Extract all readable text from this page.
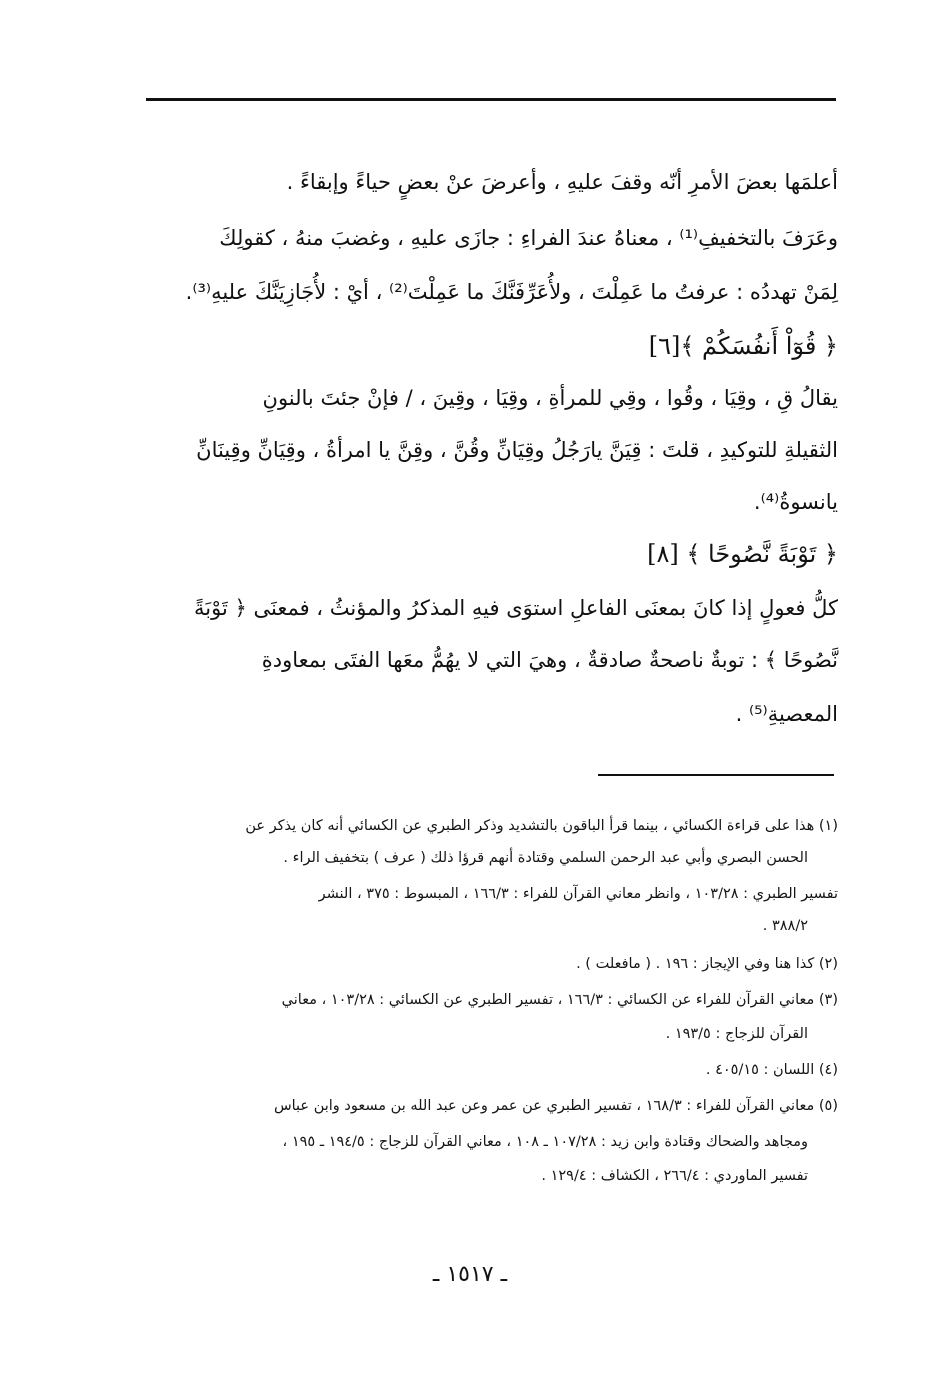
أعلمَها بعضَ الأمرِ أنّه وقفَ عليهِ ، وأعرضَ عنْ بعضٍ حياءً وإبقاءً .
وعَرَفَ بالتخفيفِ⁽¹⁾ ، معناهُ عندَ الفراءِ : جازَى عليهِ ، وغضبَ منهُ ، كقولِكَ
لِمَنْ تهددُه : عرفتُ ما عَمِلْتَ ، ولأُعَرِّفَنَّكَ ما عَمِلْتَ⁽²⁾ ، أيْ : لأُجَازِيَنَّكَ عليهِ⁽³⁾.
﴿ قُوٓاْ أَنفُسَكُمْ ﴾[٦]
يقالُ قِ ، وقِيَا ، وقُوا ، وقِي للمرأةِ ، وقِيَا ، وقِينَ ، / فإنْ جئتَ بالنونِ
الثقيلةِ للتوكيدِ ، قلتَ : قِيَنَّ يارَجُلُ وقِيَانِّ وقُنَّ ، وقِنَّ يا امرأةُ ، وقِيَانِّ وقِينَانِّ
يانسوةُ⁽⁴⁾.
﴿ تَوْبَةً نَّصُوحًا ﴾ [٨]
كلُّ فعولٍ إذا كانَ بمعنَى الفاعلِ استوَى فيهِ المذكرُ والمؤنثُ ، فمعنَى ﴿ تَوْبَةً
نَّصُوحًا ﴾ : توبةٌ ناصحةٌ صادقةٌ ، وهيَ التي لا يهُمُّ معَها الفتَى بمعاودةِ
المعصيةِ⁽⁵⁾ .
(١) هذا على قراءة الكسائي ، بينما قرأ الباقون بالتشديد وذكر الطبري عن الكسائي أنه كان يذكر عن
الحسن البصري وأبي عبد الرحمن السلمي وقتادة أنهم قرؤا ذلك ( عرف ) بتخفيف الراء .
تفسير الطبري : ١٠٣/٢٨ ، وانظر معاني القرآن للفراء : ١٦٦/٣ ، المبسوط : ٣٧٥ ، النشر
٣٨٨/٢ .
(٢) كذا هنا وفي الإيجاز : ١٩٦ . ( مافعلت ) .
(٣) معاني القرآن للفراء عن الكسائي : ١٦٦/٣ ، تفسير الطبري عن الكسائي : ١٠٣/٢٨ ، معاني
القرآن للزجاج : ١٩٣/٥ .
(٤) اللسان : ٤٠٥/١٥ .
(٥) معاني القرآن للفراء : ١٦٨/٣ ، تفسير الطبري عن عمر وعن عبد الله بن مسعود وابن عباس
ومجاهد والضحاك وقتادة وابن زيد : ١٠٧/٢٨ ـ ١٠٨ ، معاني القرآن للزجاج : ١٩٤/٥ ـ ١٩٥ ،
تفسير الماوردي : ٢٦٦/٤ ، الكشاف : ١٢٩/٤ .
ـ ١٥١٧ ـ
